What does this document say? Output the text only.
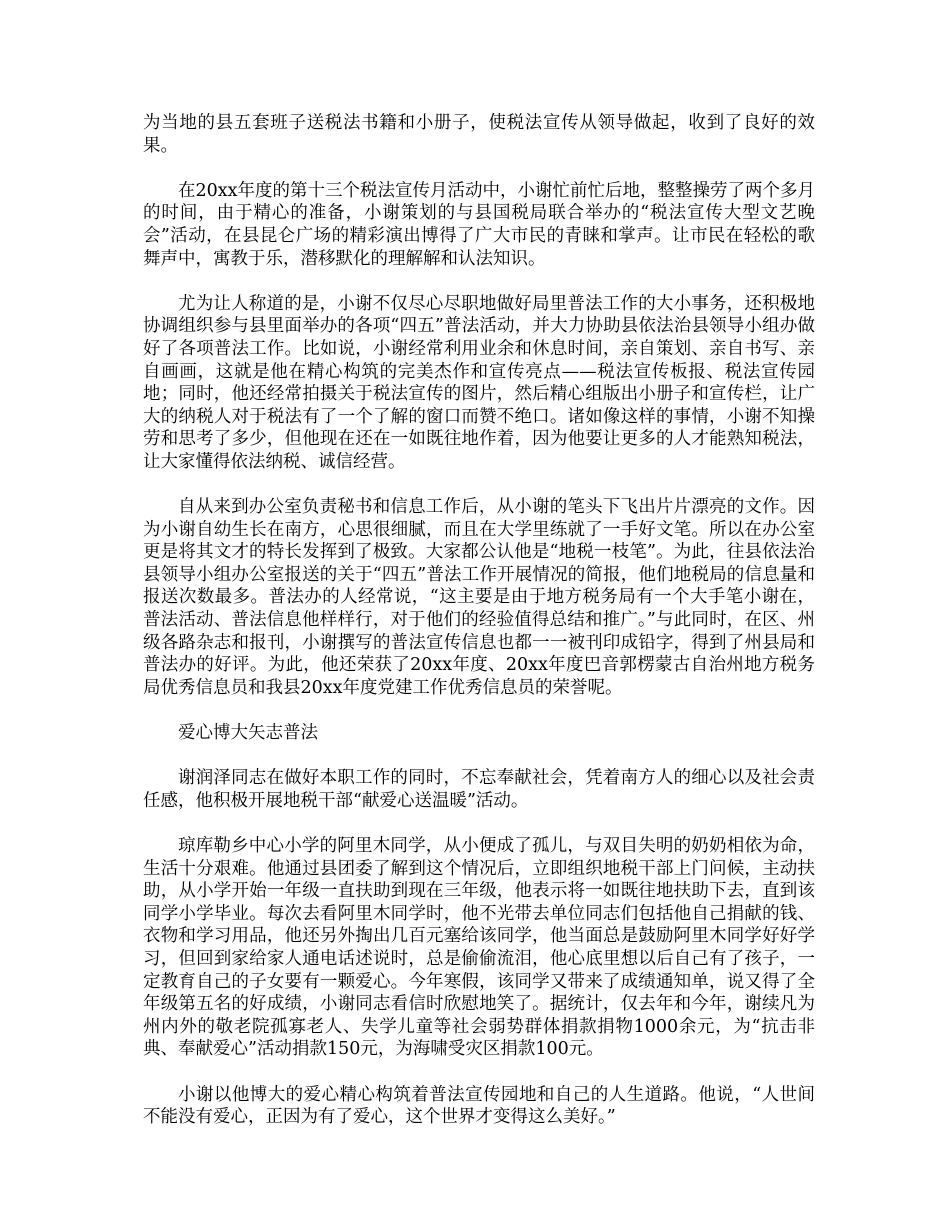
为当地的县五套班子送税法书籍和小册子，使税法宣传从领导做起，收到了良好的效果。

在20xx年度的第十三个税法宣传月活动中，小谢忙前忙后地，整整操劳了两个多月的时间，由于精心的准备，小谢策划的与县国税局联合举办的“税法宣传大型文艺晚会”活动，在县昆仑广场的精彩演出博得了广大市民的青睐和掌声。让市民在轻松的歌舞声中，寓教于乐，潜移默化的理解解和认法知识。

尤为让人称道的是，小谢不仅尽心尽职地做好局里普法工作的大小事务，还积极地协调组织参与县里面举办的各项“四五”普法活动，并大力协助县依法治县领导小组办做好了各项普法工作。比如说，小谢经常利用业余和休息时间，亲自策划、亲自书写、亲自画画，这就是他在精心构筑的完美杰作和宣传亮点——税法宣传板报、税法宣传园地；同时，他还经常拍摄关于税法宣传的图片，然后精心组版出小册子和宣传栏，让广大的纳税人对于税法有了一个了解的窗口而赞不绝口。诸如像这样的事情，小谢不知操劳和思考了多少，但他现在还在一如既往地作着，因为他要让更多的人才能熟知税法，让大家懂得依法纳税、诚信经营。

自从来到办公室负责秘书和信息工作后，从小谢的笔头下飞出片片漂亮的文作。因为小谢自幼生长在南方，心思很细腻，而且在大学里练就了一手好文笔。所以在办公室更是将其文才的特长发挥到了极致。大家都公认他是“地税一枝笔”。为此，往县依法治县领导小组办公室报送的关于“四五”普法工作开展情况的简报，他们地税局的信息量和报送次数最多。普法办的人经常说，“这主要是由于地方税务局有一个大手笔小谢在，普法活动、普法信息他样样行，对于他们的经验值得总结和推广。”与此同时，在区、州级各路杂志和报刊，小谢撰写的普法宣传信息也都一一被刊印成铅字，得到了州县局和普法办的好评。为此，他还荣获了20xx年度、20xx年度巴音郭楞蒙古自治州地方税务局优秀信息员和我县20xx年度党建工作优秀信息员的荣誉呢。

爱心博大矢志普法

谢润泽同志在做好本职工作的同时，不忘奉献社会，凭着南方人的细心以及社会责任感，他积极开展地税干部“献爱心送温暖”活动。

琼库勒乡中心小学的阿里木同学，从小便成了孤儿，与双目失明的奶奶相依为命，生活十分艰难。他通过县团委了解到这个情况后，立即组织地税干部上门问候，主动扶助，从小学开始一年级一直扶助到现在三年级，他表示将一如既往地扶助下去，直到该同学小学毕业。每次去看阿里木同学时，他不光带去单位同志们包括他自己捐献的钱、衣物和学习用品，他还另外掏出几百元塞给该同学，他当面总是鼓励阿里木同学好好学习，但回到家给家人通电话述说时，总是偷偷流泪，他心底里想以后自己有了孩子，一定教育自己的子女要有一颗爱心。今年寒假，该同学又带来了成绩通知单，说又得了全年级第五名的好成绩，小谢同志看信时欣慰地笑了。据统计，仅去年和今年，谢续凡为州内外的敬老院孤寡老人、失学儿童等社会弱势群体捐款捐物1000余元，为“抗击非典、奉献爱心”活动捐款150元，为海啸受灾区捐款100元。

小谢以他博大的爱心精心构筑着普法宣传园地和自己的人生道路。他说，“人世间不能没有爱心，正因为有了爱心，这个世界才变得这么美好。”
